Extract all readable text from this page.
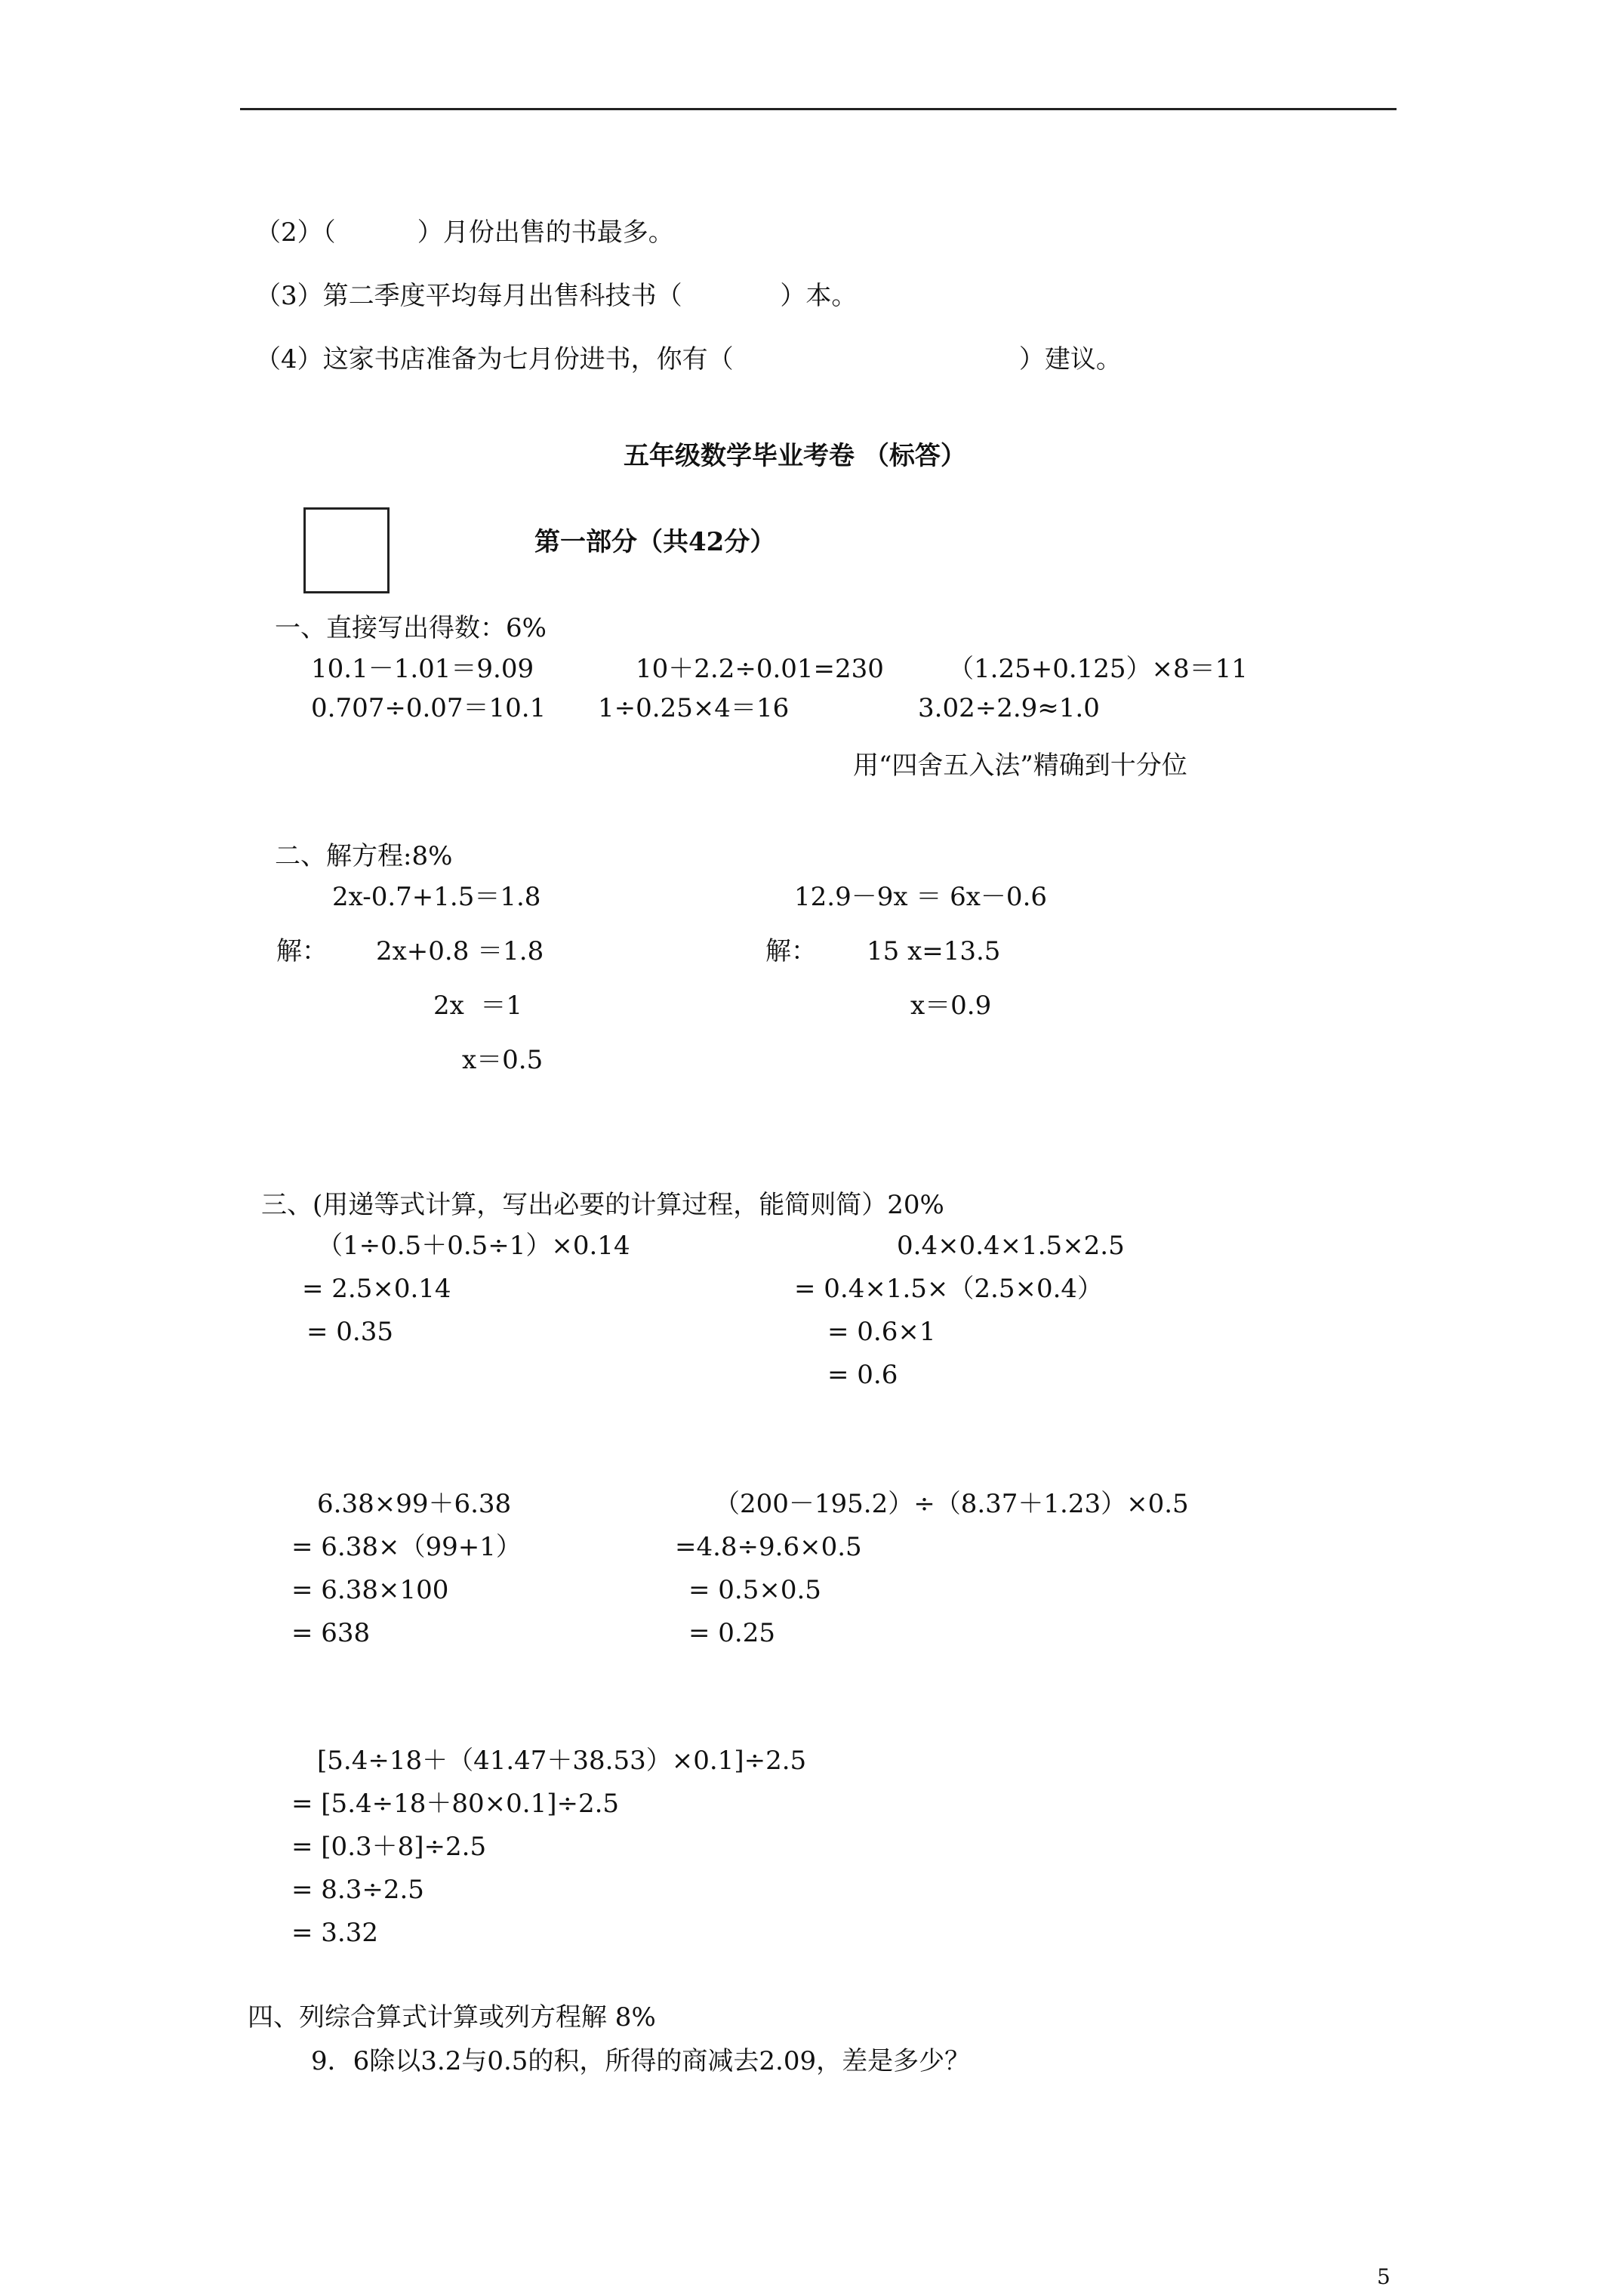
（2）（          ）月份出售的书最多。
（3）第二季度平均每月出售科技书（            ）本。
（4）这家书店准备为七月份进书，你有（                                   ）建议。
五年级数学毕业考卷 （标答）
第一部分（共42分）
一、直接写出得数：6%
10.1－1.01＝9.09	10＋2.2÷0.01=230	（1.25+0.125）×8＝11
0.707÷0.07＝10.1 1÷0.25×4＝16	3.02÷2.9≈1.0
用“四舍五入法”精确到十分位
二、解方程:8%
2x-0.7+1.5＝1.8
解： 2x+0.8 ＝1.8
2x  ＝1
x＝0.5
12.9－9x ＝ 6x－0.6
解： 15 x=13.5
x＝0.9
三、(用递等式计算，写出必要的计算过程，能简则简）20%
（1÷0.5＋0.5÷1）×0.14
= 2.5×0.14
= 0.35
0.4×0.4×1.5×2.5
= 0.4×1.5×（2.5×0.4）
= 0.6×1
= 0.6
6.38×99＋6.38
= 6.38×（99+1）
= 6.38×100
= 638
（200－195.2）÷（8.37＋1.23）×0.5
=4.8÷9.6×0.5
= 0.5×0.5
= 0.25
[5.4÷18＋（41.47＋38.53）×0.1]÷2.5
= [5.4÷18＋80×0.1]÷2.5
= [0.3＋8]÷2.5
= 8.3÷2.5
= 3.32
四、列综合算式计算或列方程解 8%
9．6除以3.2与0.5的积，所得的商减去2.09，差是多少？
5
